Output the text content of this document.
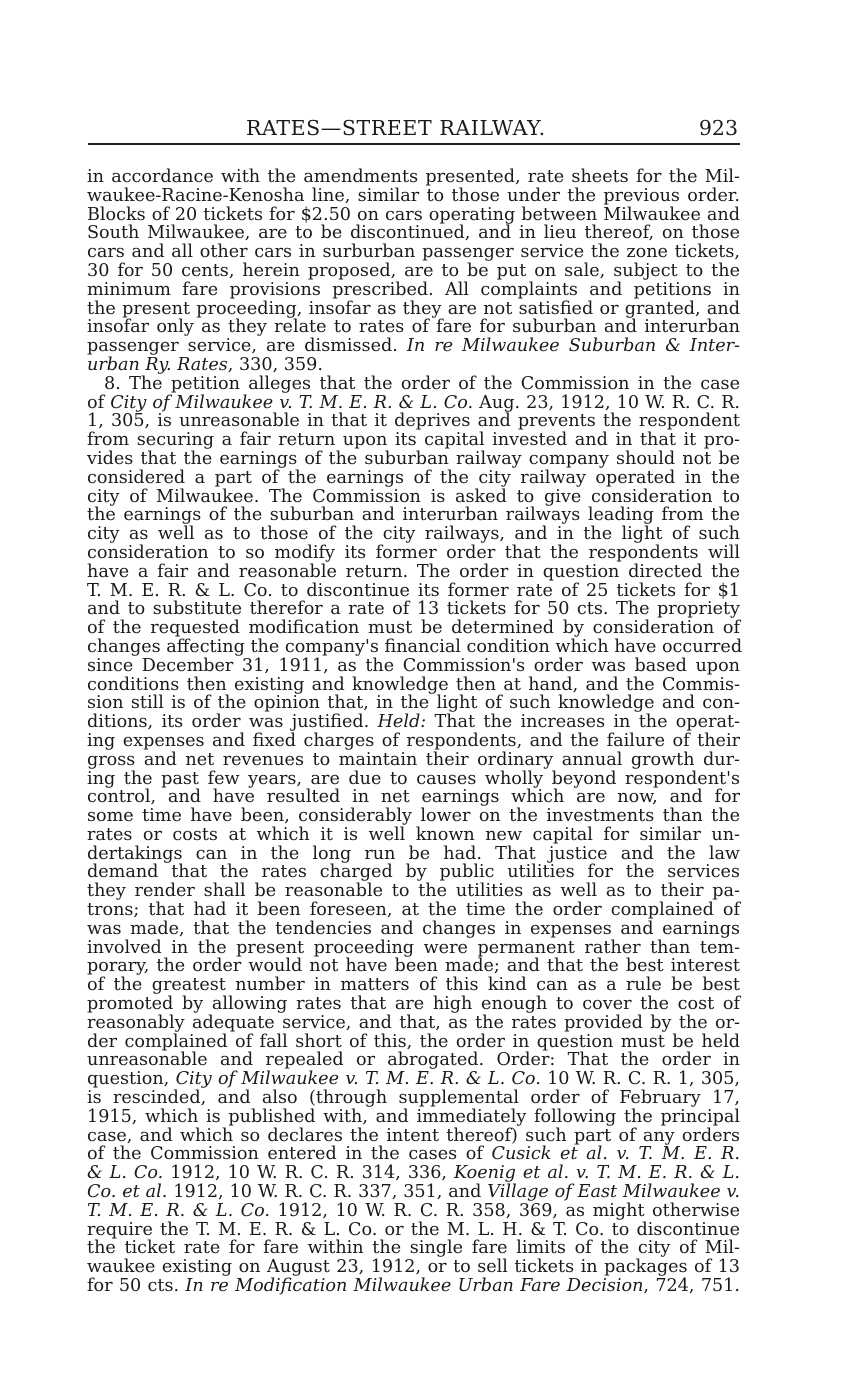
RATES—STREET RAILWAY.	923
in accordance with the amendments presented, rate sheets for the Mil-
waukee-Racine-Kenosha line, similar to those under the previous order.
Blocks of 20 tickets for $2.50 on cars operating between Milwaukee and
South Milwaukee, are to be discontinued, and in lieu thereof, on those
cars and all other cars in surburban passenger service the zone tickets,
30 for 50 cents, herein proposed, are to be put on sale, subject to the
minimum fare provisions prescribed. All complaints and petitions in
the present proceeding, insofar as they are not satisfied or granted, and
insofar only as they relate to rates of fare for suburban and interurban
passenger service, are dismissed. In re Milwaukee Suburban & Inter-
urban Ry. Rates, 330, 359.
8. The petition alleges that the order of the Commission in the case
of City of Milwaukee v. T. M. E. R. & L. Co. Aug. 23, 1912, 10 W. R. C. R.
1, 305, is unreasonable in that it deprives and prevents the respondent
from securing a fair return upon its capital invested and in that it pro-
vides that the earnings of the suburban railway company should not be
considered a part of the earnings of the city railway operated in the
city of Milwaukee. The Commission is asked to give consideration to
the earnings of the suburban and interurban railways leading from the
city as well as to those of the city railways, and in the light of such
consideration to so modify its former order that the respondents will
have a fair and reasonable return. The order in question directed the
T. M. E. R. & L. Co. to discontinue its former rate of 25 tickets for $1
and to substitute therefor a rate of 13 tickets for 50 cts. The propriety
of the requested modification must be determined by consideration of
changes affecting the company's financial condition which have occurred
since December 31, 1911, as the Commission's order was based upon
conditions then existing and knowledge then at hand, and the Commis-
sion still is of the opinion that, in the light of such knowledge and con-
ditions, its order was justified. Held: That the increases in the operat-
ing expenses and fixed charges of respondents, and the failure of their
gross and net revenues to maintain their ordinary annual growth dur-
ing the past few years, are due to causes wholly beyond respondent's
control, and have resulted in net earnings which are now, and for
some time have been, considerably lower on the investments than the
rates or costs at which it is well known new capital for similar un-
dertakings can in the long run be had. That justice and the law
demand that the rates charged by public utilities for the services
they render shall be reasonable to the utilities as well as to their pa-
trons; that had it been foreseen, at the time the order complained of
was made, that the tendencies and changes in expenses and earnings
involved in the present proceeding were permanent rather than tem-
porary, the order would not have been made; and that the best interest
of the greatest number in matters of this kind can as a rule be best
promoted by allowing rates that are high enough to cover the cost of
reasonably adequate service, and that, as the rates provided by the or-
der complained of fall short of this, the order in question must be held
unreasonable and repealed or abrogated. Order: That the order in
question, City of Milwaukee v. T. M. E. R. & L. Co. 10 W. R. C. R. 1, 305,
is rescinded, and also (through supplemental order of February 17,
1915, which is published with, and immediately following the principal
case, and which so declares the intent thereof) such part of any orders
of the Commission entered in the cases of Cusick et al. v. T. M. E. R.
& L. Co. 1912, 10 W. R. C. R. 314, 336, Koenig et al. v. T. M. E. R. & L.
Co. et al. 1912, 10 W. R. C. R. 337, 351, and Village of East Milwaukee v.
T. M. E. R. & L. Co. 1912, 10 W. R. C. R. 358, 369, as might otherwise
require the T. M. E. R. & L. Co. or the M. L. H. & T. Co. to discontinue
the ticket rate for fare within the single fare limits of the city of Mil-
waukee existing on August 23, 1912, or to sell tickets in packages of 13
for 50 cts. In re Modification Milwaukee Urban Fare Decision, 724, 751.
